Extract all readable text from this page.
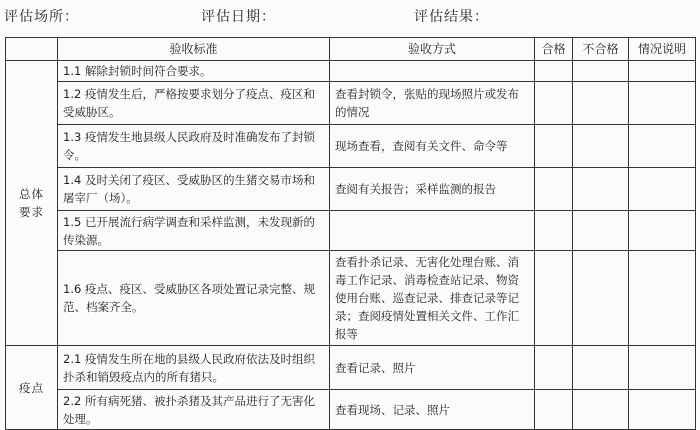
评估场所：	评估日期：	评估结果：
	验收标准	验收方式	合格	不合格	情况说明

总体
要求	1.1 解除封锁时间符合要求。				
	1.2 疫情发生后，严格按要求划分了疫点、疫区和受威胁区。	查看封锁令，张贴的现场照片或发布的情况			
	1.3 疫情发生地县级人民政府及时准确发布了封锁令。	现场查看，查阅有关文件、命令等			
	1.4 及时关闭了疫区、受威胁区的生猪交易市场和屠宰厂（场）。	查阅有关报告；采样监测的报告			
	1.5 已开展流行病学调查和采样监测，未发现新的传染源。				
	1.6 疫点、疫区、受威胁区各项处置记录完整、规范、档案齐全。	查看扑杀记录、无害化处理台账、消毒工作记录、消毒检查站记录、物资使用台账、巡查记录、排查记录等记录；查阅疫情处置相关文件、工作汇报等			
疫点	2.1 疫情发生所在地的县级人民政府依法及时组织扑杀和销毁疫点内的所有猪只。	查看记录、照片			
	2.2 所有病死猪、被扑杀猪及其产品进行了无害化处理。	查看现场、记录、照片			
